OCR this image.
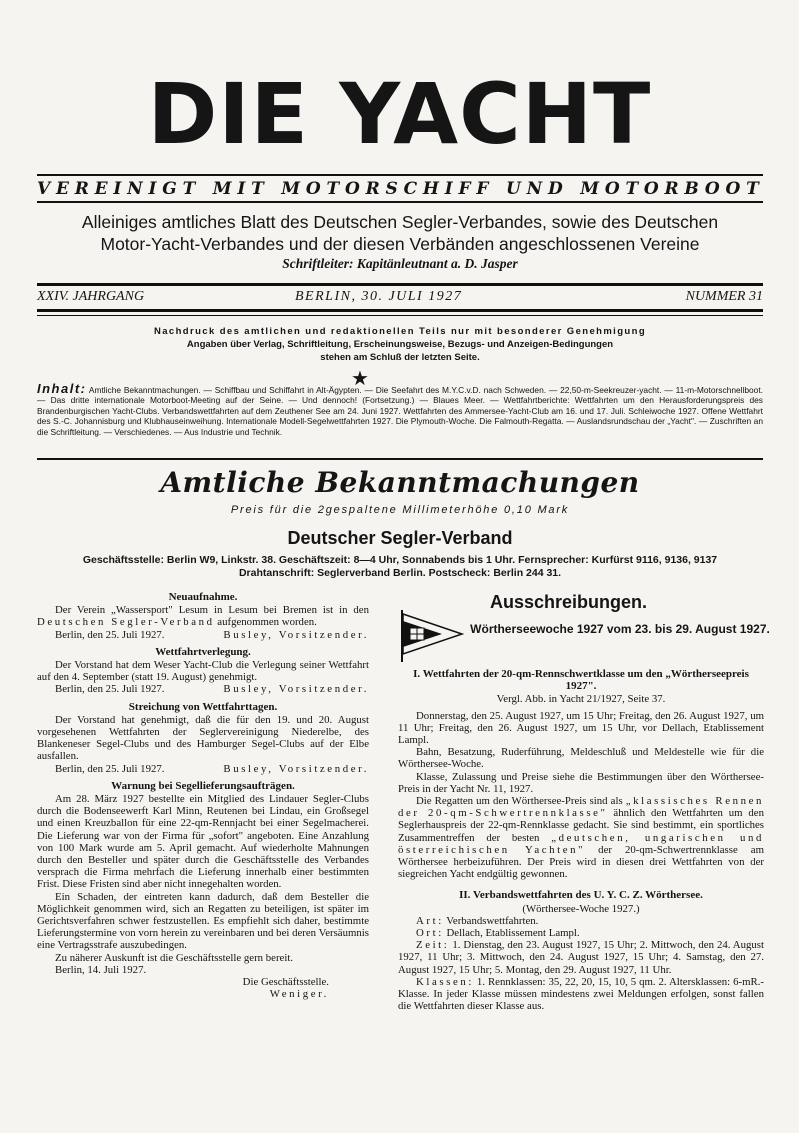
DIE YACHT
VEREINIGT MIT MOTORSCHIFF UND MOTORBOOT
Alleiniges amtliches Blatt des Deutschen Segler-Verbandes, sowie des Deutschen
Motor-Yacht-Verbandes und der diesen Verbänden angeschlossenen Vereine
Schriftleiter: Kapitänleutnant a. D. Jasper
XXIV. JAHRGANG	BERLIN, 30. JULI 1927	NUMMER 31
Nachdruck des amtlichen und redaktionellen Teils nur mit besonderer Genehmigung
Angaben über Verlag, Schriftleitung, Erscheinungsweise, Bezugs- und Anzeigen-Bedingungen
stehen am Schluß der letzten Seite.
★
Inhalt: Amtliche Bekanntmachungen. — Schiffbau und Schiffahrt in Alt-Ägypten. — Die Seefahrt des M.Y.C.v.D. nach Schweden. — 22,50-m-Seekreuzer-yacht. — 11-m-Motorschnellboot. — Das dritte internationale Motorboot-Meeting auf der Seine. — Und dennoch! (Fortsetzung.) — Blaues Meer. — Wettfahrtberichte: Wettfahrten um den Herausforderungspreis des Brandenburgischen Yacht-Clubs. Verbandswettfahrten auf dem Zeuthener See am 24. Juni 1927. Wettfahrten des Ammersee-Yacht-Club am 16. und 17. Juli. Schleiwoche 1927. Offene Wettfahrt des S.-C. Johannisburg und Klubhauseinweihung. Internationale Modell-Segelwettfahrten 1927. Die Plymouth-Woche. Die Falmouth-Regatta. — Auslandsrundschau der „Yacht". — Zuschriften an die Schriftleitung. — Verschiedenes. — Aus Industrie und Technik.
Amtliche Bekanntmachungen
Preis für die 2gespaltene Millimeterhöhe 0,10 Mark
Deutscher Segler-Verband
Geschäftsstelle: Berlin W9, Linkstr. 38. Geschäftszeit: 8—4 Uhr, Sonnabends bis 1 Uhr. Fernsprecher: Kurfürst 9116, 9136, 9137
Drahtanschrift: Seglerverband Berlin. Postscheck: Berlin 244 31.
Neuaufnahme.

Der Verein „Wassersport" Lesum in Lesum bei Bremen ist in den Deutschen Segler-Verband aufgenommen worden.

Berlin, den 25. Juli 1927.	Busley, Vorsitzender.
Wettfahrtverlegung.

Der Vorstand hat dem Weser Yacht-Club die Verlegung seiner Wettfahrt auf den 4. September (statt 19. August) genehmigt.

Berlin, den 25. Juli 1927.	Busley, Vorsitzender.
Streichung von Wettfahrttagen.

Der Vorstand hat genehmigt, daß die für den 19. und 20. August vorgesehenen Wettfahrten der Seglervereinigung Niederelbe, des Blankeneser Segel-Clubs und des Hamburger Segel-Clubs auf der Elbe ausfallen.

Berlin, den 25. Juli 1927.	Busley, Vorsitzender.
Warnung bei Segellieferungsaufträgen.

Am 28. März 1927 bestellte ein Mitglied des Lindauer Segler-Clubs durch die Bodenseewerft Karl Minn, Reutenen bei Lindau, ein Großsegel und einen Kreuzballon für eine 22-qm-Rennjacht bei einer Segelmacherei. Die Lieferung war von der Firma für „sofort" angeboten. Eine Anzahlung von 100 Mark wurde am 5. April gemacht. Auf wiederholte Mahnungen durch den Besteller und später durch die Geschäftsstelle des Verbandes versprach die Firma mehrfach die Lieferung innerhalb einer bestimmten Frist. Diese Fristen sind aber nicht innegehalten worden.

Ein Schaden, der eintreten kann dadurch, daß dem Besteller die Möglichkeit genommen wird, sich an Regatten zu beteiligen, ist später im Gerichtsverfahren schwer festzustellen. Es empfiehlt sich daher, bestimmte Lieferungstermine von vorn herein zu vereinbaren und bei deren Versäumnis eine Vertragsstrafe auszubedingen.

Zu näherer Auskunft ist die Geschäftsstelle gern bereit.

Berlin, 14. Juli 1927.

Die Geschäftsstelle.
Weniger.
Ausschreibungen.
Wörtherseewoche 1927 vom 23. bis 29. August 1927.
I. Wettfahrten der 20-qm-Rennschwertklasse um den „Wörtherseepreis 1927".

Vergl. Abb. in Yacht 21/1927, Seite 37.

Donnerstag, den 25. August 1927, um 15 Uhr; Freitag, den 26. August 1927, um 11 Uhr; Freitag, den 26. August 1927, um 15 Uhr, vor Dellach, Etablissement Lampl.

Bahn, Besatzung, Ruderführung, Meldeschluß und Meldestelle wie für die Wörthersee-Woche.

Klasse, Zulassung und Preise siehe die Bestimmungen über den Wörthersee-Preis in der Yacht Nr. 11, 1927.

Die Regatten um den Wörthersee-Preis sind als „klassisches Rennen der 20-qm-Schwertrennklasse" ähnlich den Wettfahrten um den Seglerhauspreis der 22-qm-Rennklasse gedacht. Sie sind bestimmt, ein sportliches Zusammentreffen der besten „deutschen, ungarischen und österreichischen Yachten" der 20-qm-Schwertrennklasse am Wörthersee herbeizuführen. Der Preis wird in diesen drei Wettfahrten von der siegreichen Yacht endgültig gewonnen.

II. Verbandswettfahrten des U. Y. C. Z. Wörthersee.

(Wörthersee-Woche 1927.)

Art: Verbandswettfahrten.

Ort: Dellach, Etablissement Lampl.

Zeit: 1. Dienstag, den 23. August 1927, 15 Uhr; 2. Mittwoch, den 24. August 1927, 11 Uhr; 3. Mittwoch, den 24. August 1927, 15 Uhr; 4. Samstag, den 27. August 1927, 15 Uhr; 5. Montag, den 29. August 1927, 11 Uhr.

Klassen: 1. Rennklassen: 35, 22, 20, 15, 10, 5 qm. 2. Altersklassen: 6-mR.-Klasse. In jeder Klasse müssen mindestens zwei Meldungen erfolgen, sonst fallen die Wettfahrten dieser Klasse aus.
